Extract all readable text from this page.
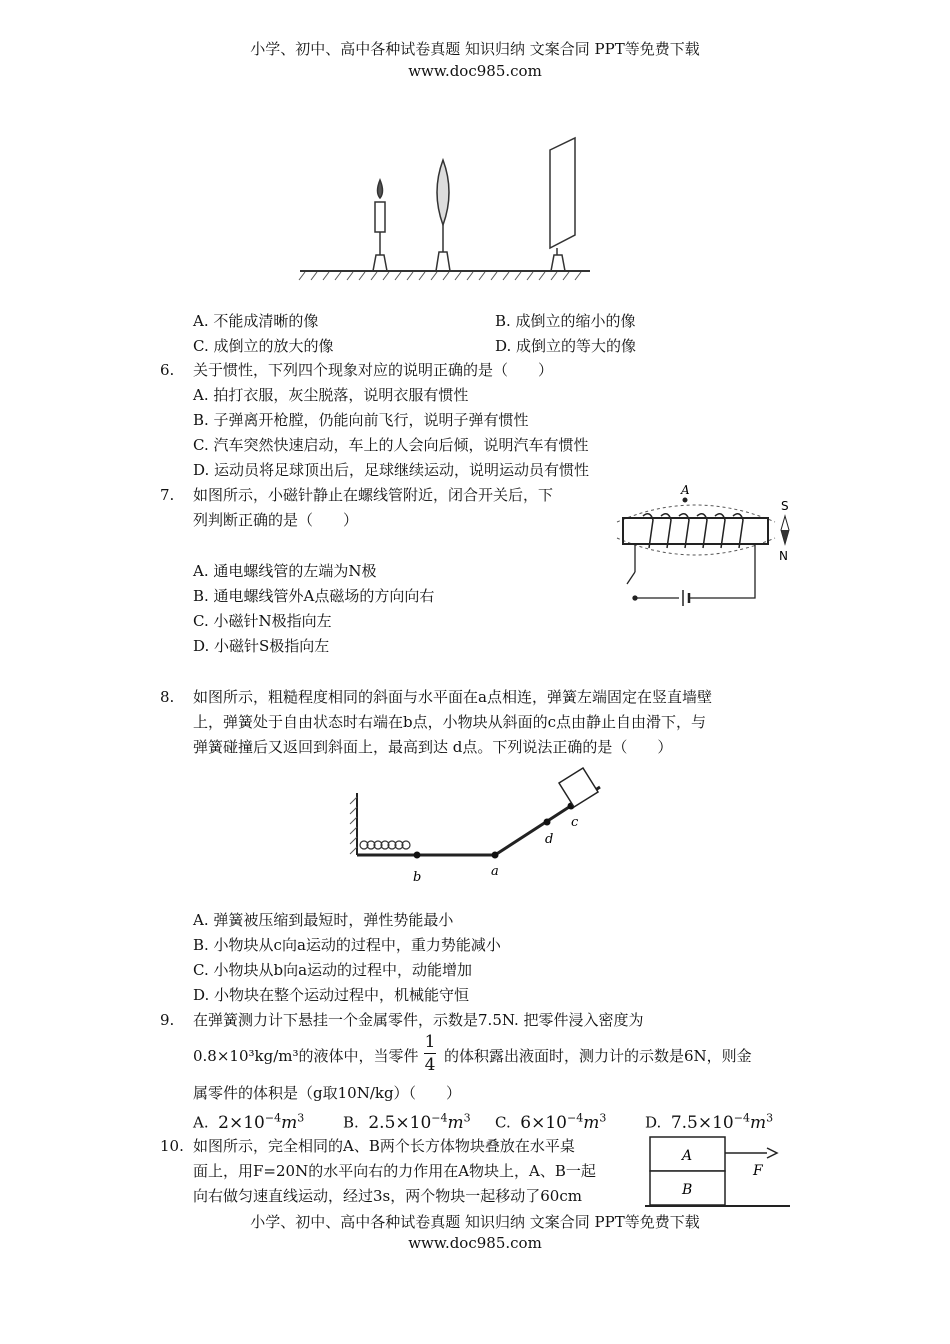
小学、初中、高中各种试卷真题 知识归纳 文案合同 PPT等免费下载
www.doc985.com
A. 不能成清晰的像	B. 成倒立的缩小的像
C. 成倒立的放大的像	D. 成倒立的等大的像
6. 关于惯性，下列四个现象对应的说明正确的是（　　）
A. 拍打衣服，灰尘脱落，说明衣服有惯性
B. 子弹离开枪膛，仍能向前飞行，说明子弹有惯性
C. 汽车突然快速启动，车上的人会向后倾，说明汽车有惯性
D. 运动员将足球顶出后，足球继续运动，说明运动员有惯性
7. 如图所示，小磁针静止在螺线管附近，闭合开关后，下
列判断正确的是（　　）
A. 通电螺线管的左端为N极
B. 通电螺线管外A点磁场的方向向右
C. 小磁针N极指向左
D. 小磁针S极指向左
A
S
N
8. 如图所示，粗糙程度相同的斜面与水平面在a点相连，弹簧左端固定在竖直墙壁
上，弹簧处于自由状态时右端在b点，小物块从斜面的c点由静止自由滑下，与
弹簧碰撞后又返回到斜面上，最高到达 d点。下列说法正确的是（　　）
b	a
d
c
A. 弹簧被压缩到最短时，弹性势能最小
B. 小物块从c向a运动的过程中，重力势能减小
C. 小物块从b向a运动的过程中，动能增加
D. 小物块在整个运动过程中，机械能守恒
9. 在弹簧测力计下悬挂一个金属零件，示数是7.5N. 把零件浸入密度为
0.8×10³kg/m³的液体中，当零件
1
4 的体积露出液面时，测力计的示数是6N，则金
属零件的体积是（g取10N/kg）（　　）
A. $2\times 10^{-4}m^3$	B. $2.5\times 10^{-4}m^3$ C. $6\times 10^{-4}m^3$	D. $7.5\times 10^{-4}m^3$
10. 如图所示，完全相同的A、B两个长方体物块叠放在水平桌
面上，用F=20N的水平向右的力作用在A物块上，A、B一起
向右做匀速直线运动，经过3s，两个物块一起移动了60cm
A
B
F
小学、初中、高中各种试卷真题 知识归纳 文案合同 PPT等免费下载
www.doc985.com
